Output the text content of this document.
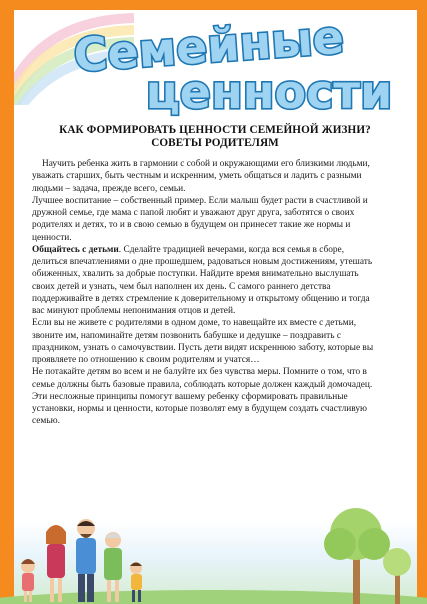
Семейные
ценности
КАК ФОРМИРОВАТЬ ЦЕННОСТИ СЕМЕЙНОЙ ЖИЗНИ?
СОВЕТЫ РОДИТЕЛЯМ

Научить ребенка жить в гармонии с собой и окружающими его близкими людьми, уважать старших, быть честным и искренним, уметь общаться и ладить с разными людьми – задача, прежде всего, семьи.

Лучшее воспитание – собственный пример. Если малыш будет расти в счастливой и дружной семье, где мама с папой любят и уважают друг друга, заботятся о своих родителях и детях, то и в свою семью в будущем он принесет такие же нормы и ценности.

Общайтесь с детьми. Сделайте традицией вечерами, когда вся семья в сборе, делиться впечатлениями о дне прошедшем, радоваться новым достижениям, утешать обиженных, хвалить за добрые поступки. Найдите время внимательно выслушать своих детей и узнать, чем был наполнен их день. С самого раннего детства поддерживайте в детях стремление к доверительному и открытому общению и тогда вас минуют проблемы непонимания отцов и детей.

Если вы не живете с родителями в одном доме, то навещайте их вместе с детьми, звоните им, напоминайте детям позвонить бабушке и дедушке – поздравить с праздником, узнать о самочувствии. Пусть дети видят искреннюю заботу, которые вы проявляете по отношению к своим родителям и учатся…

Не потакайте детям во всем и не балуйте их без чувства меры. Помните о том, что в семье должны быть базовые правила, соблюдать которые должен каждый домочадец.

Эти несложные принципы помогут вашему ребенку сформировать правильные установки, нормы и ценности, которые позволят ему в будущем создать счастливую семью.
